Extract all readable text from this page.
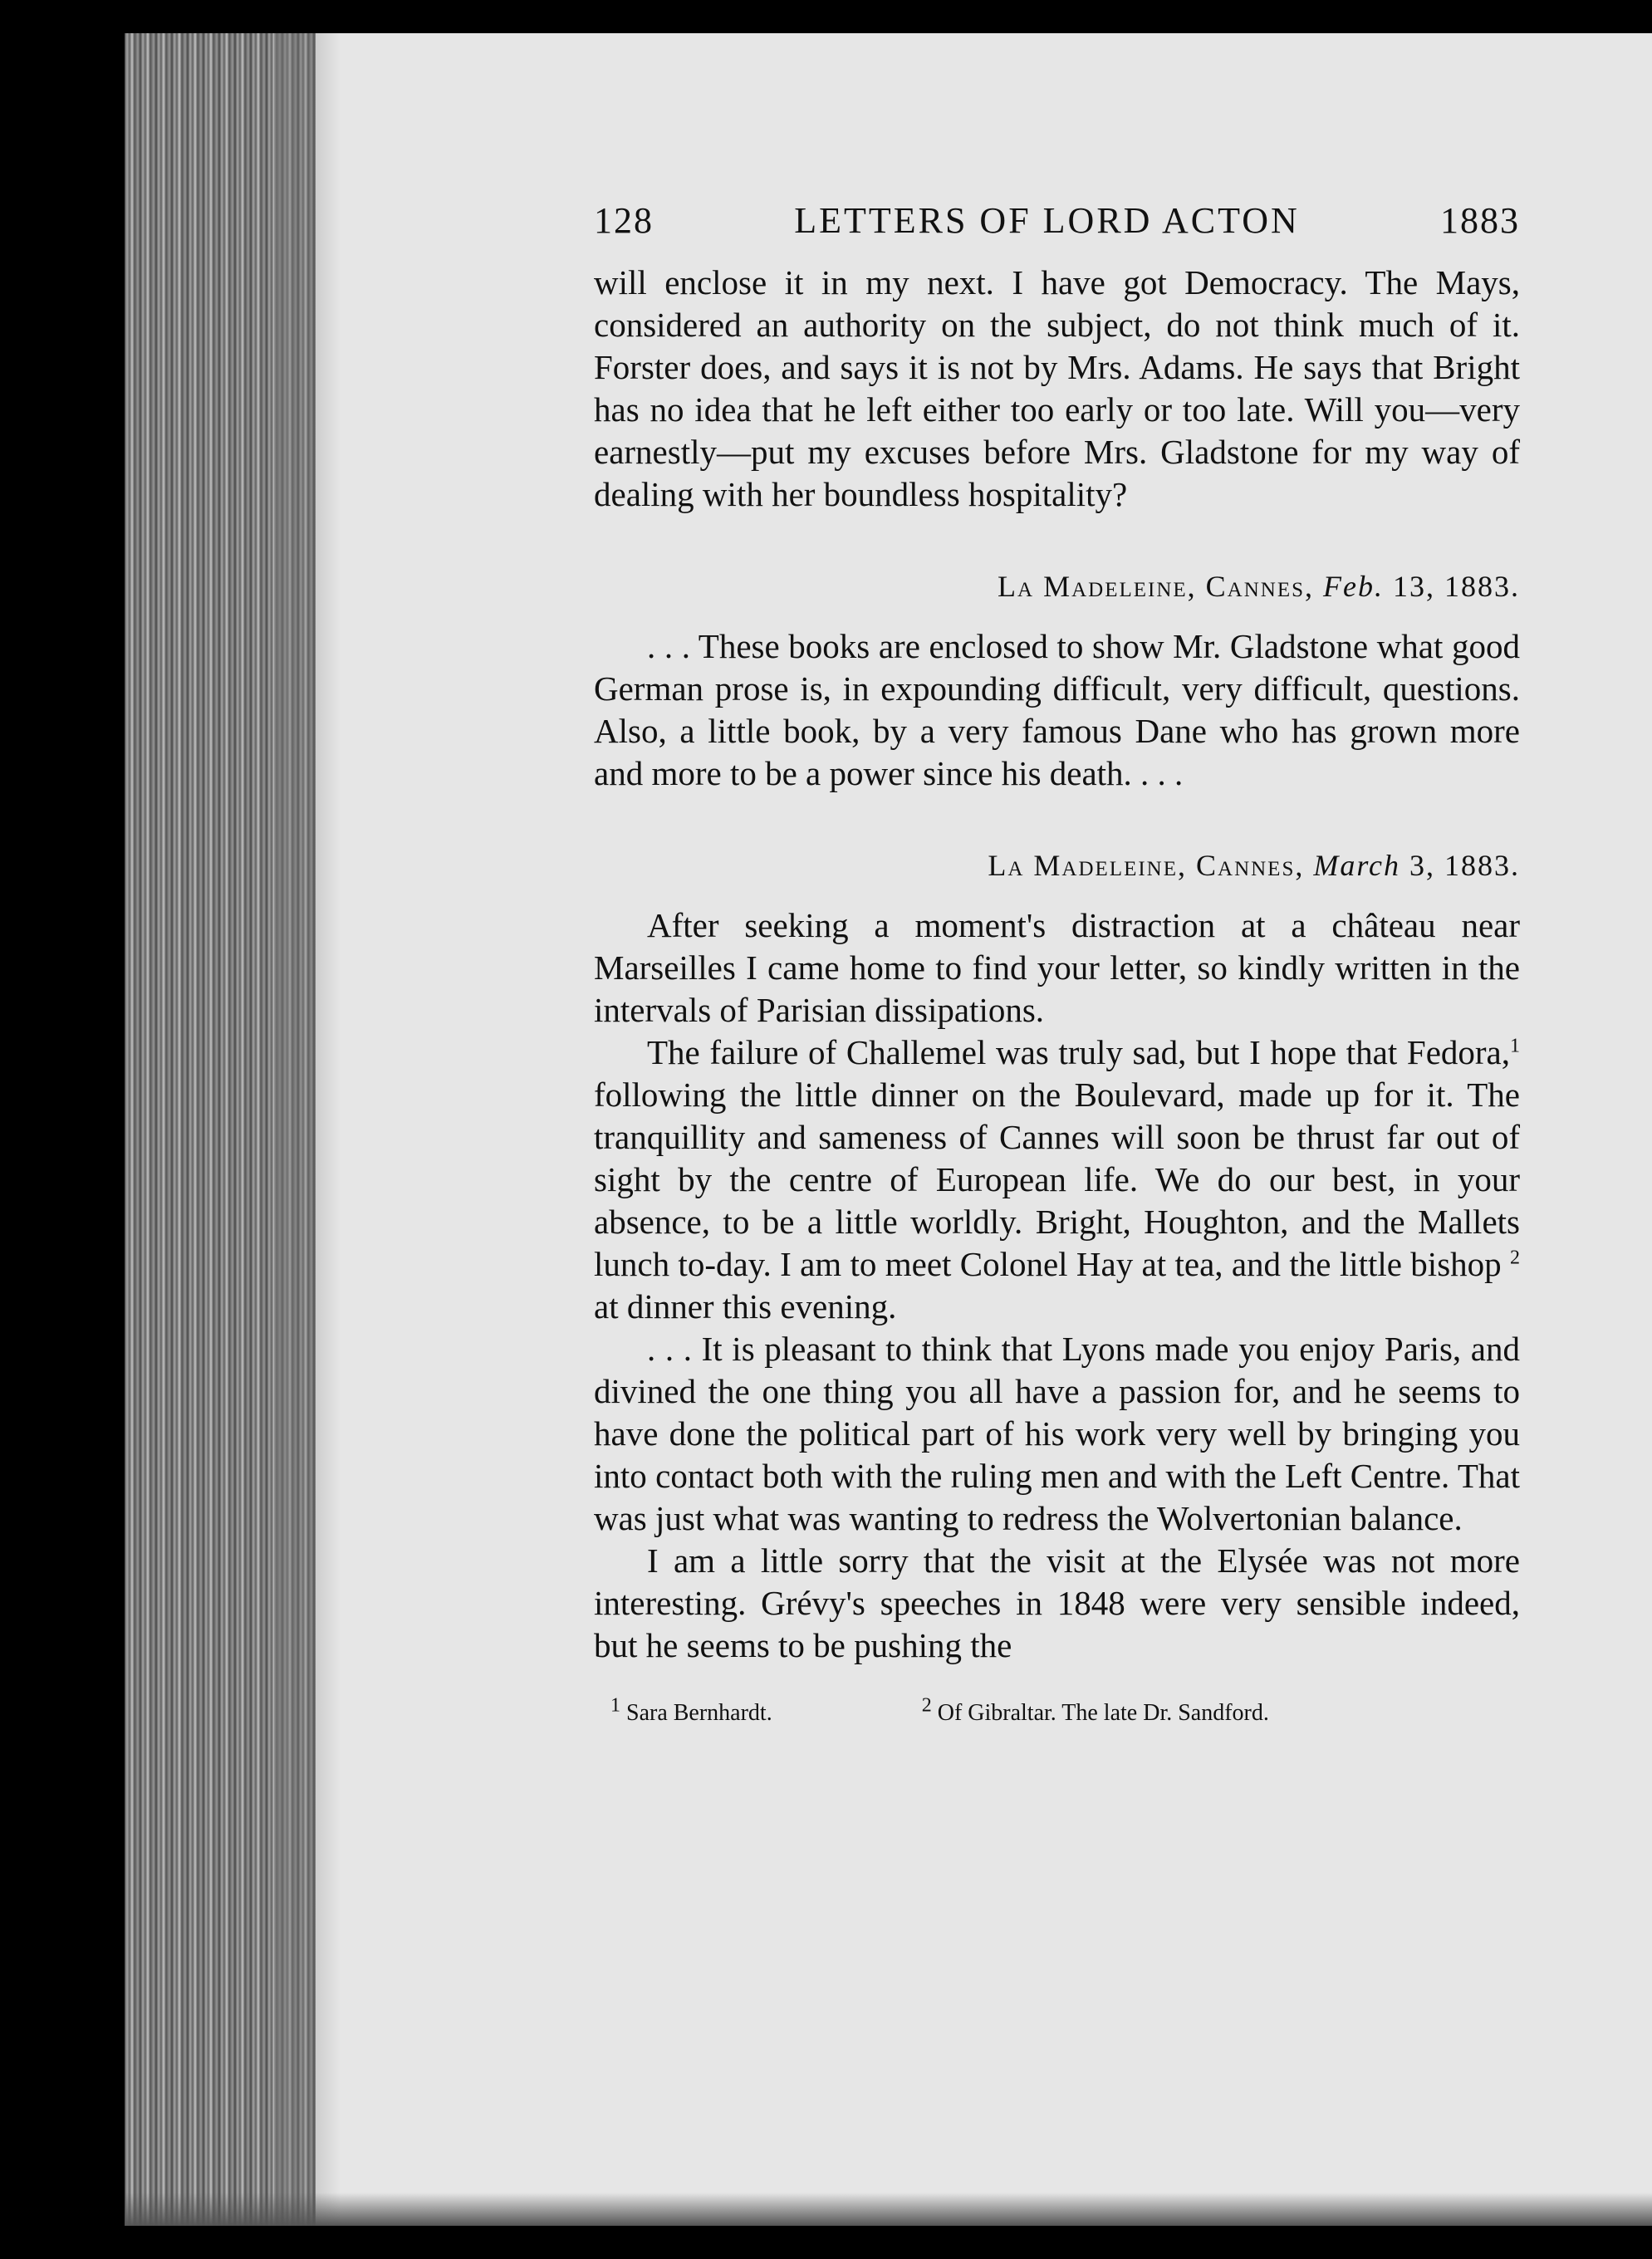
128	LETTERS OF LORD ACTON	1883

will enclose it in my next. I have got Democracy. The Mays, considered an authority on the subject, do not think much of it. Forster does, and says it is not by Mrs. Adams. He says that Bright has no idea that he left either too early or too late. Will you—very earnestly—put my excuses before Mrs. Gladstone for my way of dealing with her boundless hospitality?

La Madeleine, Cannes, Feb. 13, 1883.

. . . These books are enclosed to show Mr. Gladstone what good German prose is, in expounding difficult, very difficult, questions. Also, a little book, by a very famous Dane who has grown more and more to be a power since his death. . . .

La Madeleine, Cannes, March 3, 1883.

After seeking a moment's distraction at a château near Marseilles I came home to find your letter, so kindly written in the intervals of Parisian dissipations.

The failure of Challemel was truly sad, but I hope that Fedora,$^1$ following the little dinner on the Boulevard, made up for it. The tranquillity and sameness of Cannes will soon be thrust far out of sight by the centre of European life. We do our best, in your absence, to be a little worldly. Bright, Houghton, and the Mallets lunch to-day. I am to meet Colonel Hay at tea, and the little bishop $^2$ at dinner this evening.

. . . It is pleasant to think that Lyons made you enjoy Paris, and divined the one thing you all have a passion for, and he seems to have done the political part of his work very well by bringing you into contact both with the ruling men and with the Left Centre. That was just what was wanting to redress the Wolvertonian balance.

I am a little sorry that the visit at the Elysée was not more interesting. Grévy's speeches in 1848 were very sensible indeed, but he seems to be pushing the

$^1$ Sara Bernhardt.	$^2$ Of Gibraltar. The late Dr. Sandford.
